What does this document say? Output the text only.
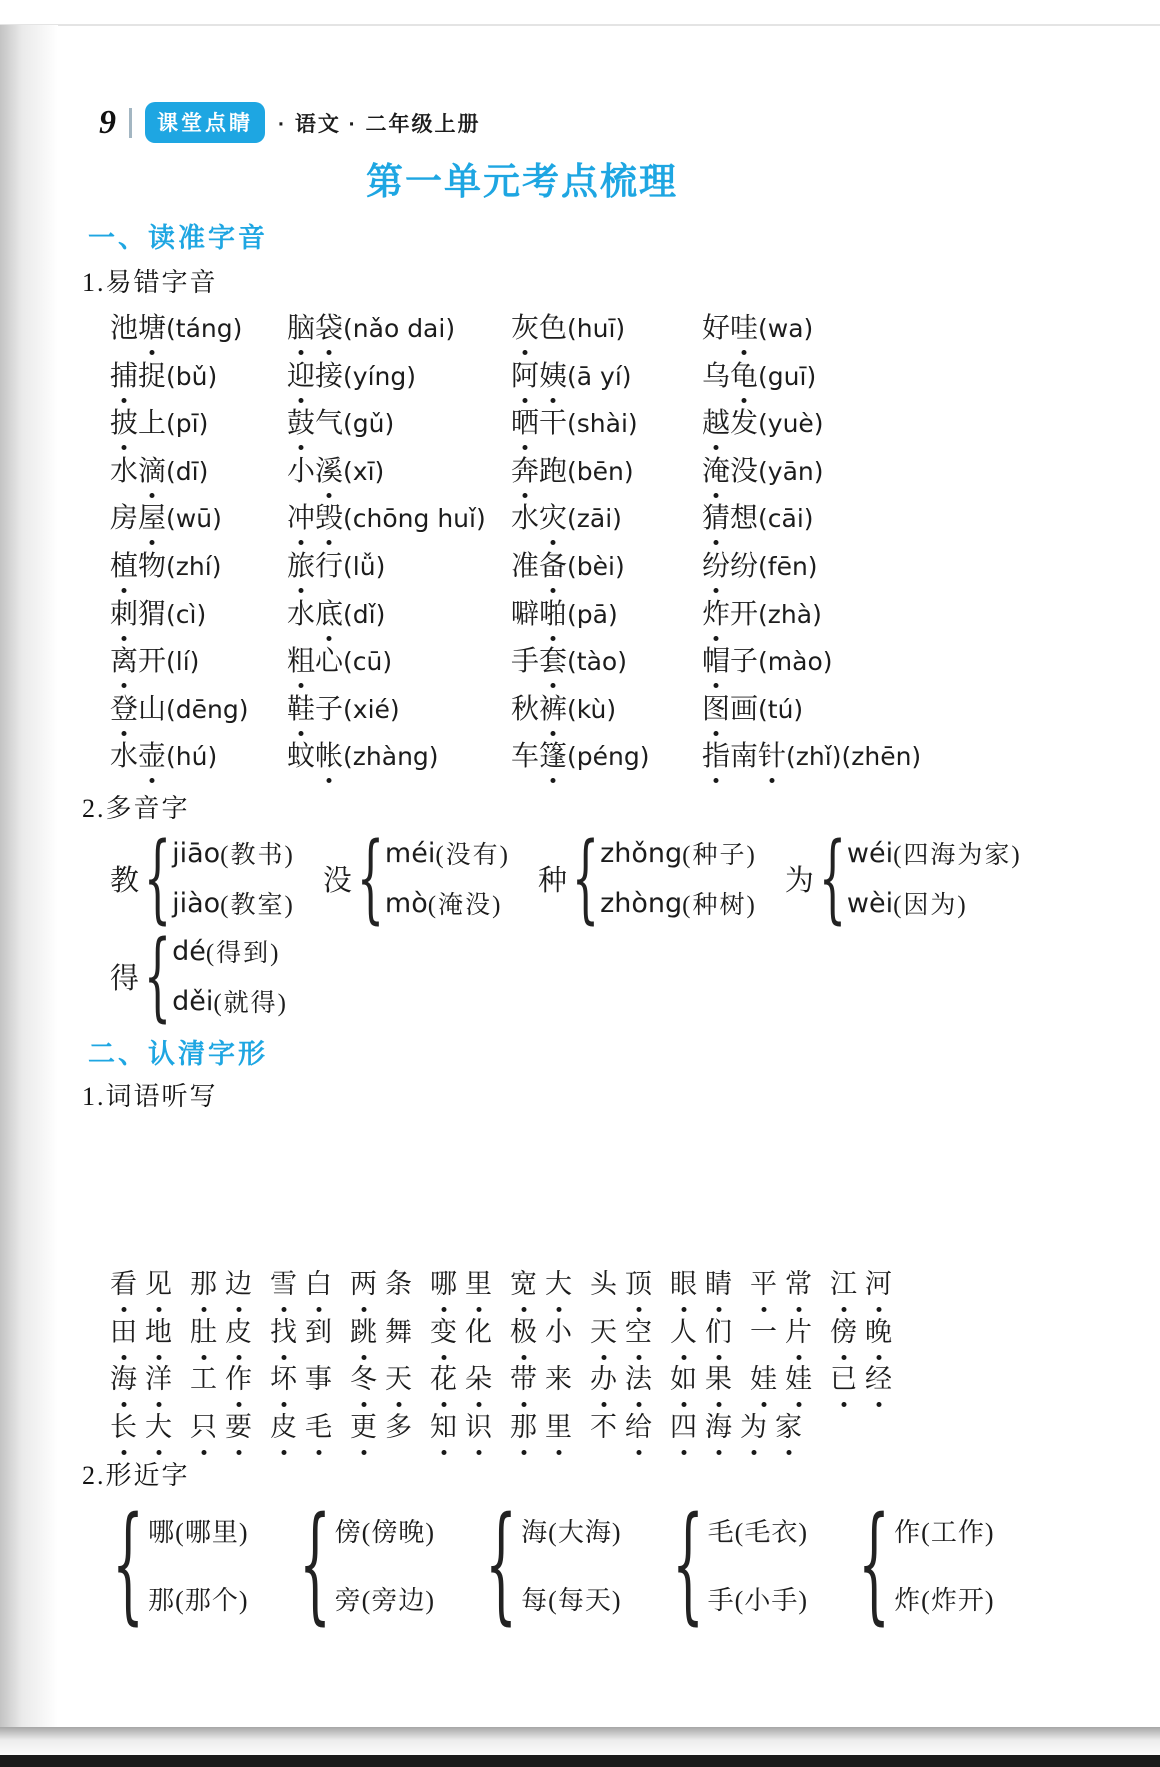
9	课堂点睛	· 语文 · 二年级上册
第一单元考点梳理
一、读准字音
1.易错字音
池塘(táng)	脑袋(nǎo dai)	灰色(huī)	好哇(wa)
捕捉(bǔ)	迎接(yíng)	阿姨(ā yí)	乌龟(guī)
披上(pī)	鼓气(gǔ)	晒干(shài)	越发(yuè)
水滴(dī)	小溪(xī)	奔跑(bēn)	淹没(yān)
房屋(wū)	冲毁(chōng huǐ) 水灾(zāi)	猜想(cāi)
植物(zhí)	旅行(lǚ)	准备(bèi)	纷纷(fēn)
刺猬(cì)	水底(dǐ)	噼啪(pā)	炸开(zhà)
离开(lí)	粗心(cū)	手套(tào)	帽子(mào)
登山(dēng)	鞋子(xié)	秋裤(kù)	图画(tú)
水壶(hú)	蚊帐(zhàng)	车篷(péng)	指南针(zhǐ)(zhēn)
2.多音字
教 { jiāo (教书)
jiào (教室)
没 { méi (没有)
mò (淹没)
种 { zhǒng (种子)
zhòng (种树)
为 { wéi (四海为家)
wèi (因为)
得 { dé (得到)
děi (就得)
二、认清字形
1.词语听写
看 见 那 边 雪 白 两 条 哪 里 宽 大 头 顶 眼 睛 平 常 江 河
田 地 肚 皮 找 到 跳 舞 变 化 极 小 天 空 人 们 一 片 傍 晚
海 洋 工 作 坏 事 冬 天 花 朵 带 来 办 法 如 果 娃 娃 已 经
长 大 只 要 皮 毛 更 多 知 识 那 里 不 给 四 海 为 家
2.形近字
{ 哪(哪里)
那(那个) { 傍(傍晚)
旁(旁边) { 海(大海)
每(每天) { 毛(毛衣)
手(小手) { 作(工作)
炸(炸开)
